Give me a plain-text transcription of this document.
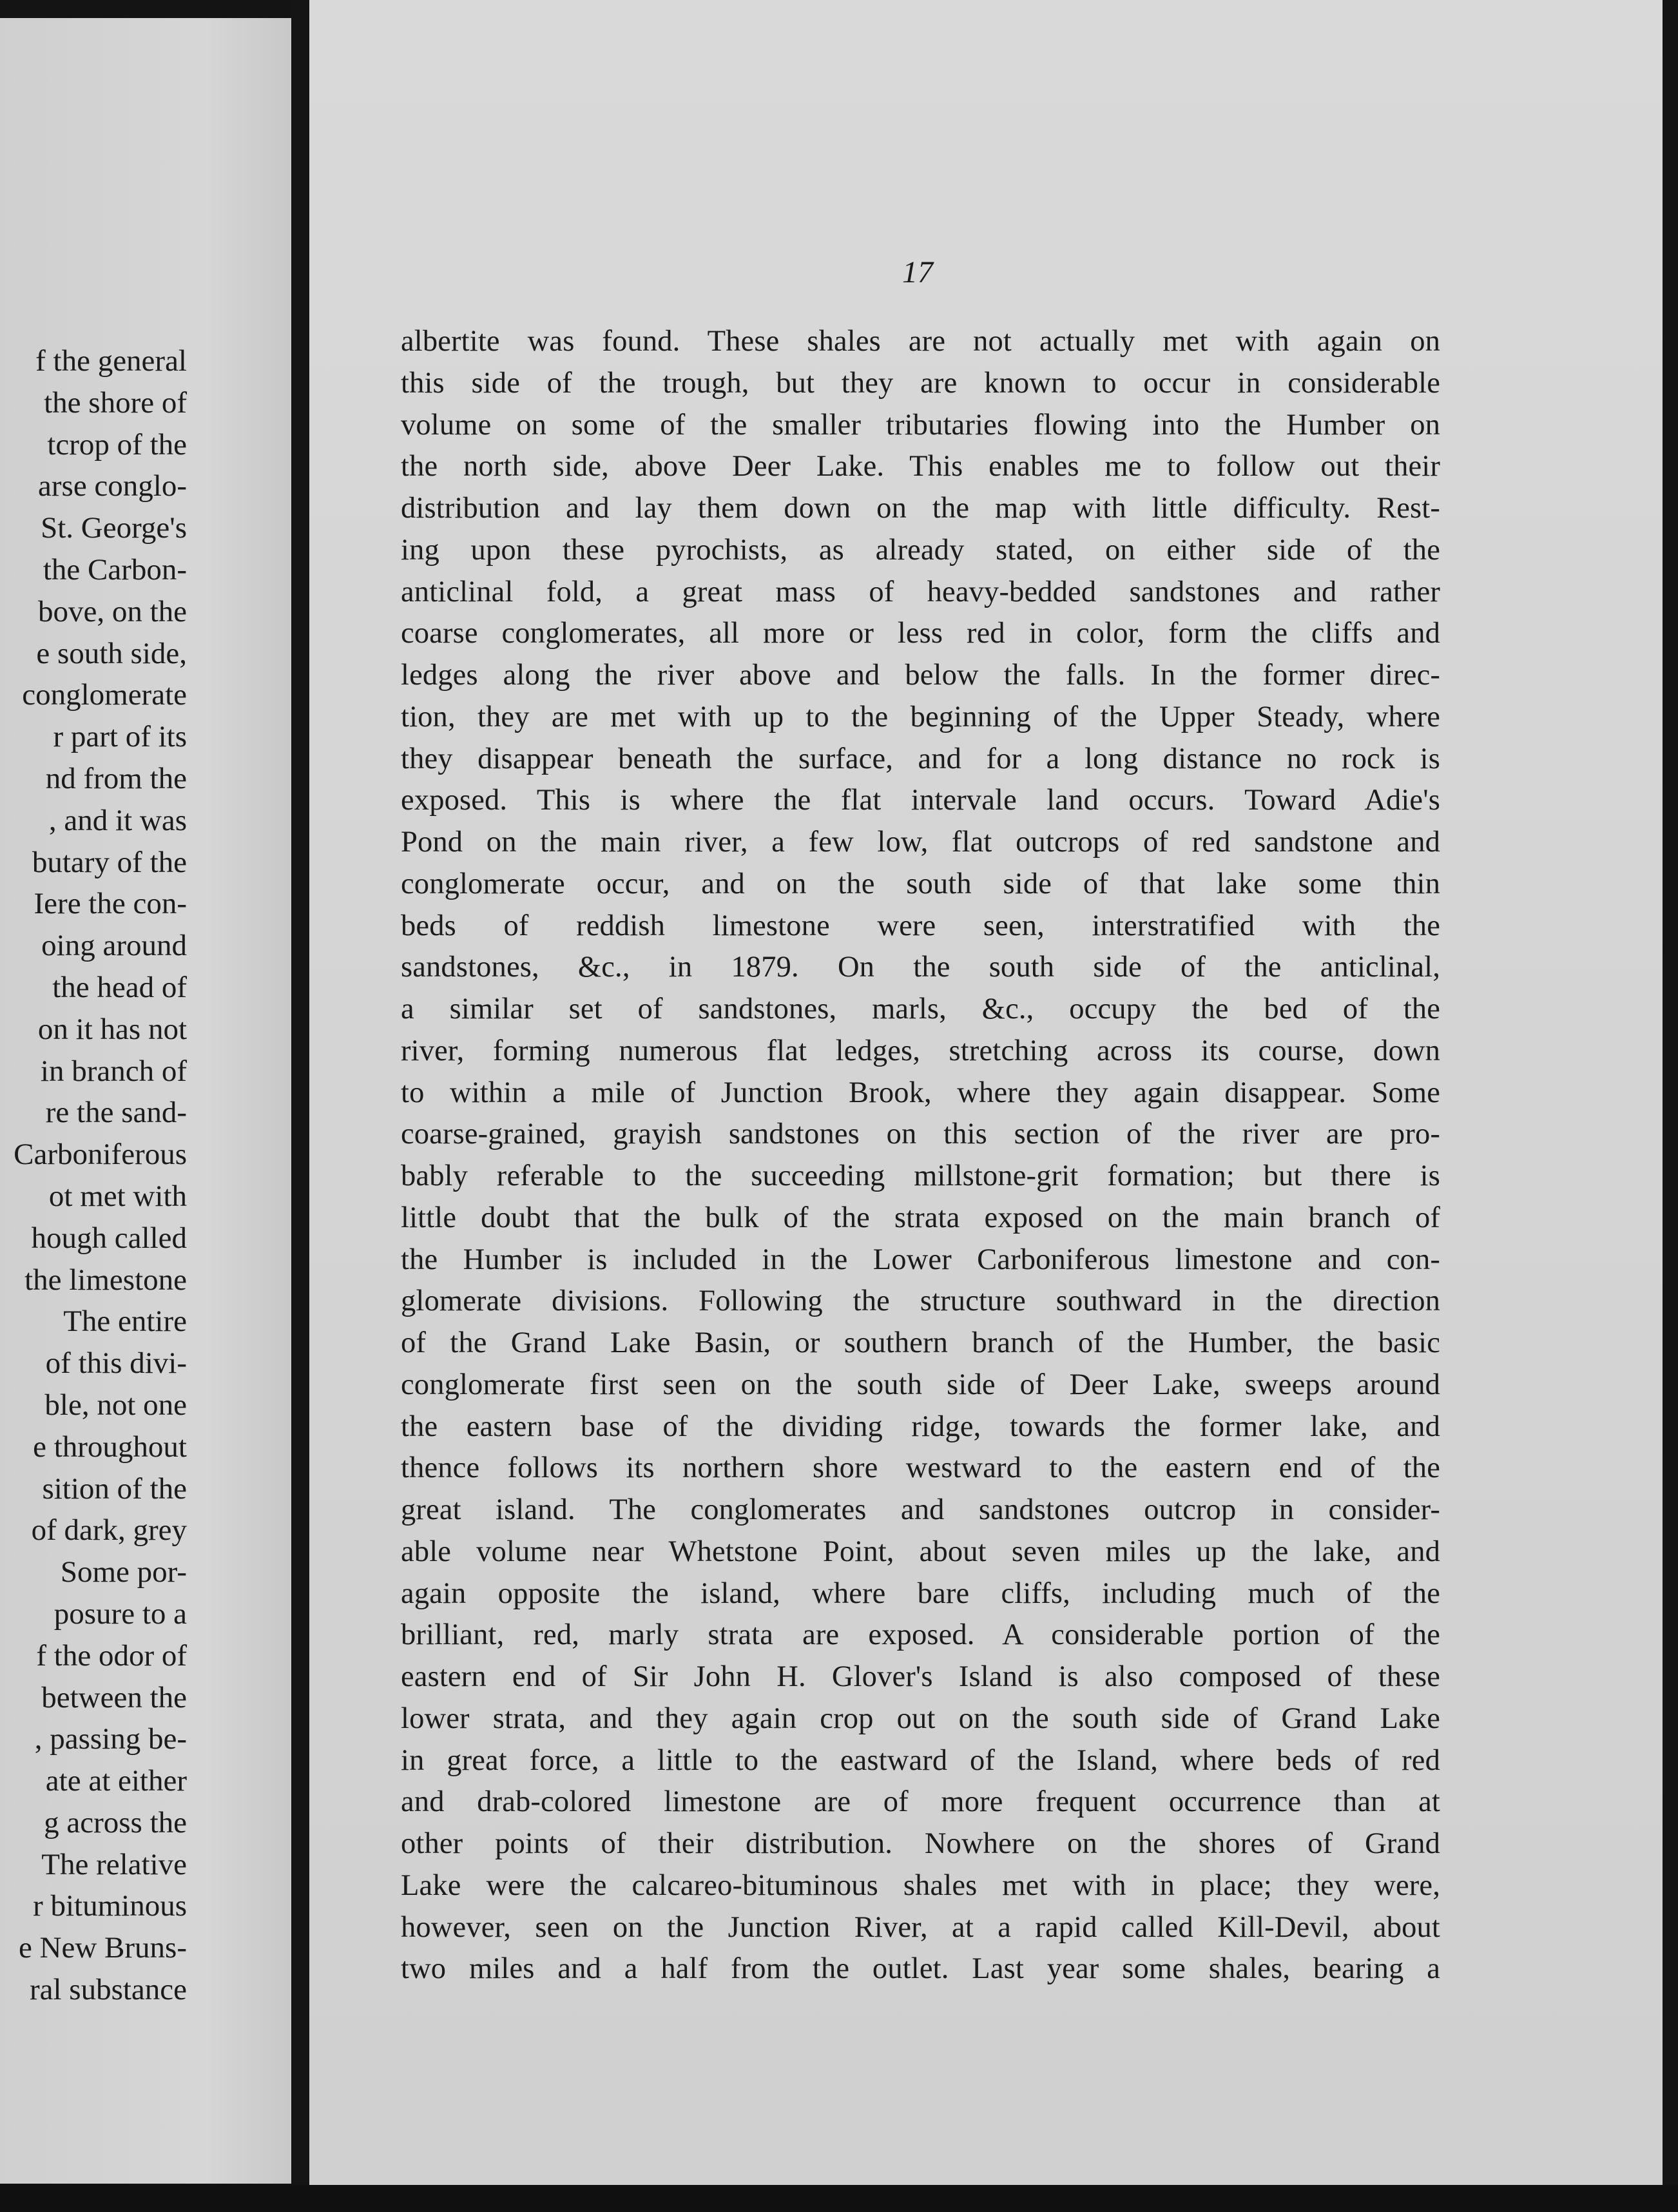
f the general
the shore of
tcrop of the
arse conglo-
St. George's
the Carbon-
bove, on the
e south side,
conglomerate
r part of its
nd from the
, and it was
butary of the
Iere the con-
oing around
the head of
on it has not
in branch of
re the sand-
Carboniferous
ot met with
hough called
the limestone
The entire
of this divi-
ble, not one
e throughout
sition of the
of dark, grey
Some por-
posure to a
f the odor of
between the
, passing be-
ate at either
g across the
The relative
r bituminous
e New Bruns-
ral substance
17
albertite was found. These shales are not actually met with again on
this side of the trough, but they are known to occur in considerable
volume on some of the smaller tributaries flowing into the Humber on
the north side, above Deer Lake. This enables me to follow out their
distribution and lay them down on the map with little difficulty. Rest-
ing upon these pyrochists, as already stated, on either side of the
anticlinal fold, a great mass of heavy-bedded sandstones and rather
coarse conglomerates, all more or less red in color, form the cliffs and
ledges along the river above and below the falls. In the former direc-
tion, they are met with up to the beginning of the Upper Steady, where
they disappear beneath the surface, and for a long distance no rock is
exposed. This is where the flat intervale land occurs. Toward Adie's
Pond on the main river, a few low, flat outcrops of red sandstone and
conglomerate occur, and on the south side of that lake some thin
beds of reddish limestone were seen, interstratified with the
sandstones, &c., in 1879. On the south side of the anticlinal,
a similar set of sandstones, marls, &c., occupy the bed of the
river, forming numerous flat ledges, stretching across its course, down
to within a mile of Junction Brook, where they again disappear. Some
coarse-grained, grayish sandstones on this section of the river are pro-
bably referable to the succeeding millstone-grit formation; but there is
little doubt that the bulk of the strata exposed on the main branch of
the Humber is included in the Lower Carboniferous limestone and con-
glomerate divisions. Following the structure southward in the direction
of the Grand Lake Basin, or southern branch of the Humber, the basic
conglomerate first seen on the south side of Deer Lake, sweeps around
the eastern base of the dividing ridge, towards the former lake, and
thence follows its northern shore westward to the eastern end of the
great island. The conglomerates and sandstones outcrop in consider-
able volume near Whetstone Point, about seven miles up the lake, and
again opposite the island, where bare cliffs, including much of the
brilliant, red, marly strata are exposed. A considerable portion of the
eastern end of Sir John H. Glover's Island is also composed of these
lower strata, and they again crop out on the south side of Grand Lake
in great force, a little to the eastward of the Island, where beds of red
and drab-colored limestone are of more frequent occurrence than at
other points of their distribution. Nowhere on the shores of Grand
Lake were the calcareo-bituminous shales met with in place; they were,
however, seen on the Junction River, at a rapid called Kill-Devil, about
two miles and a half from the outlet. Last year some shales, bearing a
